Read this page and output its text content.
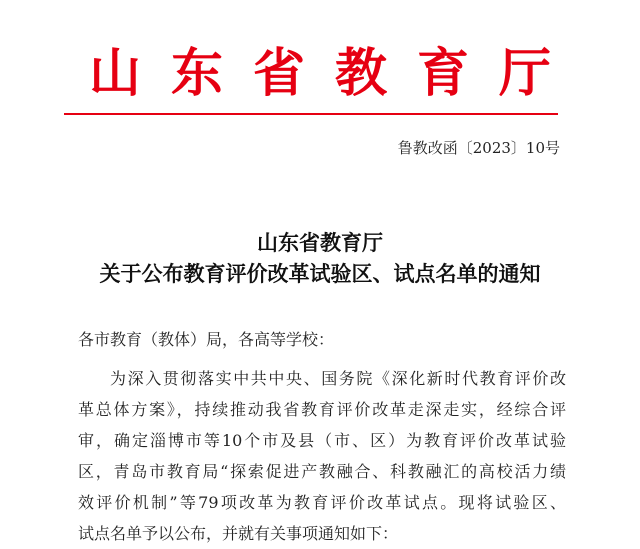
山东省教育厅
鲁教改函〔2023〕10号
山东省教育厅
关于公布教育评价改革试验区、试点名单的通知
各市教育（教体）局，各高等学校：
为深入贯彻落实中共中央、国务院《深化新时代教育评价改
革总体方案》，持续推动我省教育评价改革走深走实，经综合评
审，确定淄博市等10个市及县（市、区）为教育评价改革试验
区，青岛市教育局“探索促进产教融合、科教融汇的高校活力绩
效评价机制”等79项改革为教育评价改革试点。现将试验区、
试点名单予以公布，并就有关事项通知如下：
